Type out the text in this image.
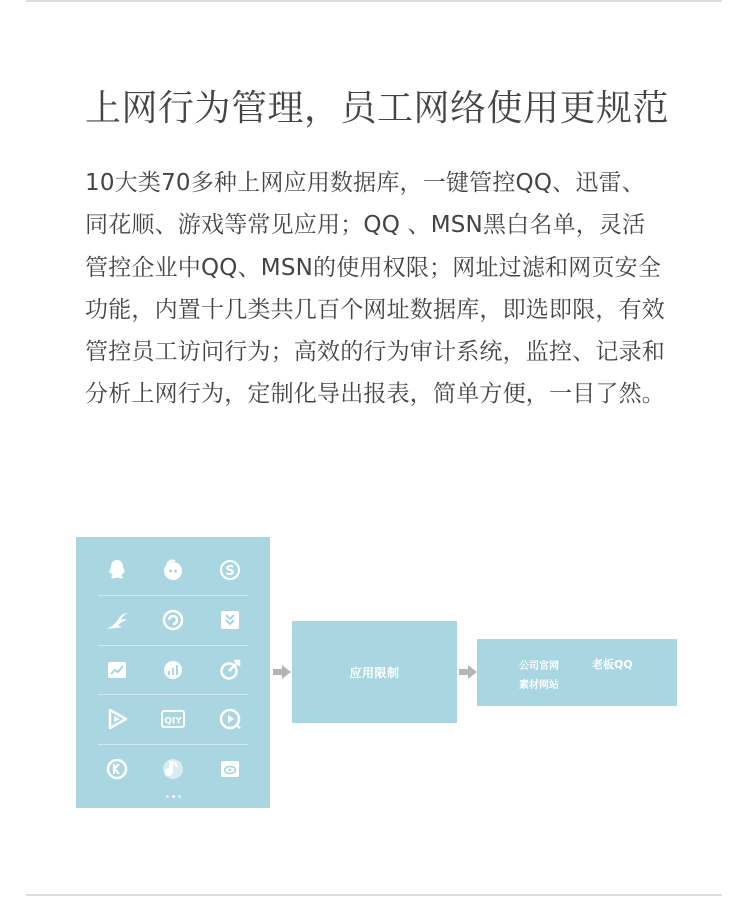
上网行为管理，员工网络使用更规范

10大类70多种上网应用数据库，一键管控QQ、迅雷、同花顺、游戏等常见应用；QQ 、MSN黑白名单，灵活管控企业中QQ、MSN的使用权限；网址过滤和网页安全功能，内置十几类共几百个网址数据库，即选即限，有效管控员工访问行为；高效的行为审计系统，监控、记录和分析上网行为，定制化导出报表，简单方便，一目了然。

S
QIY

应用限制	公司官网	老板QQ
素材网站
